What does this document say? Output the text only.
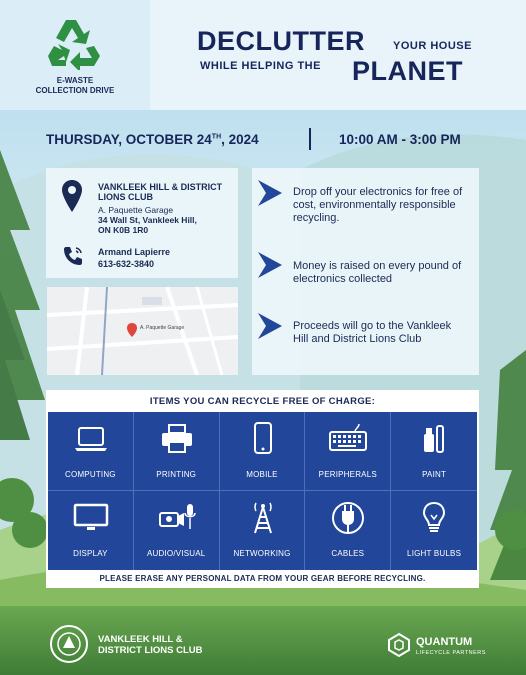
E-WASTE
COLLECTION DRIVE
DECLUTTER	YOUR HOUSE
WHILE HELPING THE PLANET
THURSDAY, OCTOBER 24TH, 2024	10:00 AM - 3:00 PM
VANKLEEK HILL & DISTRICT LIONS CLUB
A. Paquette Garage
34 Wall St, Vankleek Hill,
ON K0B 1R0
Armand Lapierre
613-632-3840
A. Paquette Garage
Drop off your electronics for free of cost, environmentally responsible recycling.
Money is raised on every pound of electronics collected
Proceeds will go to the Vankleek Hill and District Lions Club
ITEMS YOU CAN RECYCLE FREE OF CHARGE:
COMPUTING	PRINTING	MOBILE	PERIPHERALS	PAINT
DISPLAY	AUDIO/VISUAL	NETWORKING	CABLES	LIGHT BULBS
PLEASE ERASE ANY PERSONAL DATA FROM YOUR GEAR BEFORE RECYCLING.
VANKLEEK HILL &
DISTRICT LIONS CLUB
QUANTUM
LIFECYCLE PARTNERS
